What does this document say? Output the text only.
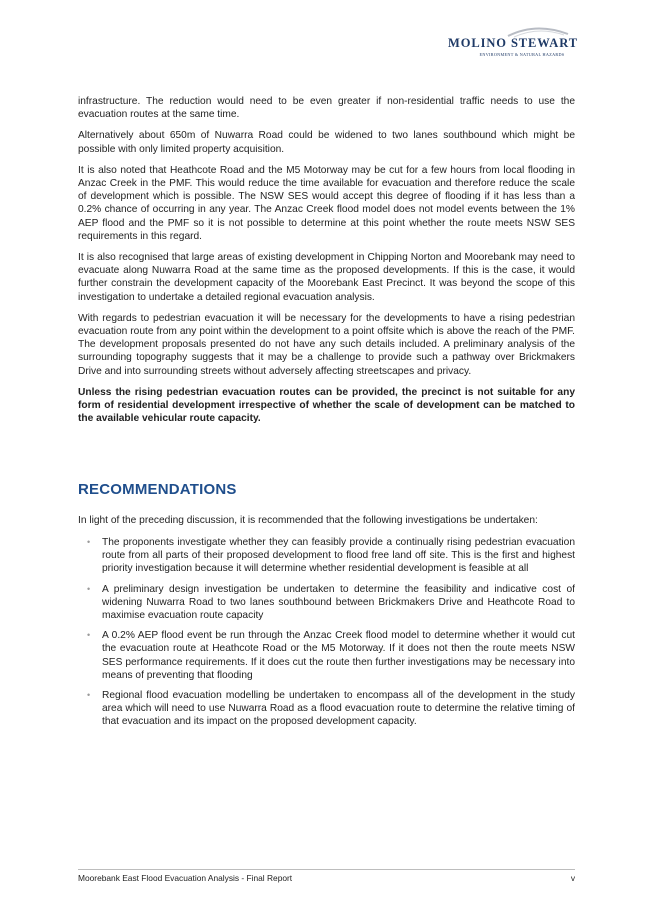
MOLINO STEWART
ENVIRONMENT & NATURAL HAZARDS

infrastructure. The reduction would need to be even greater if non-residential traffic needs to use the evacuation routes at the same time.

Alternatively about 650m of Nuwarra Road could be widened to two lanes southbound which might be possible with only limited property acquisition.

It is also noted that Heathcote Road and the M5 Motorway may be cut for a few hours from local flooding in Anzac Creek in the PMF. This would reduce the time available for evacuation and therefore reduce the scale of development which is possible. The NSW SES would accept this degree of flooding if it has less than a 0.2% chance of occurring in any year. The Anzac Creek flood model does not model events between the 1% AEP flood and the PMF so it is not possible to determine at this point whether the route meets NSW SES requirements in this regard.

It is also recognised that large areas of existing development in Chipping Norton and Moorebank may need to evacuate along Nuwarra Road at the same time as the proposed developments. If this is the case, it would further constrain the development capacity of the Moorebank East Precinct. It was beyond the scope of this investigation to undertake a detailed regional evacuation analysis.

With regards to pedestrian evacuation it will be necessary for the developments to have a rising pedestrian evacuation route from any point within the development to a point offsite which is above the reach of the PMF. The development proposals presented do not have any such details included. A preliminary analysis of the surrounding topography suggests that it may be a challenge to provide such a pathway over Brickmakers Drive and into surrounding streets without adversely affecting streetscapes and privacy.

Unless the rising pedestrian evacuation routes can be provided, the precinct is not suitable for any form of residential development irrespective of whether the scale of development can be matched to the available vehicular route capacity.

RECOMMENDATIONS

In light of the preceding discussion, it is recommended that the following investigations be undertaken:

• The proponents investigate whether they can feasibly provide a continually rising pedestrian evacuation route from all parts of their proposed development to flood free land off site. This is the first and highest priority investigation because it will determine whether residential development is feasible at all
• A preliminary design investigation be undertaken to determine the feasibility and indicative cost of widening Nuwarra Road to two lanes southbound between Brickmakers Drive and Heathcote Road to maximise evacuation route capacity
• A 0.2% AEP flood event be run through the Anzac Creek flood model to determine whether it would cut the evacuation route at Heathcote Road or the M5 Motorway. If it does not then the route meets NSW SES performance requirements. If it does cut the route then further investigations may be necessary into means of preventing that flooding
• Regional flood evacuation modelling be undertaken to encompass all of the development in the study area which will need to use Nuwarra Road as a flood evacuation route to determine the relative timing of that evacuation and its impact on the proposed development capacity.
Moorebank East Flood Evacuation Analysis - Final Report	v
